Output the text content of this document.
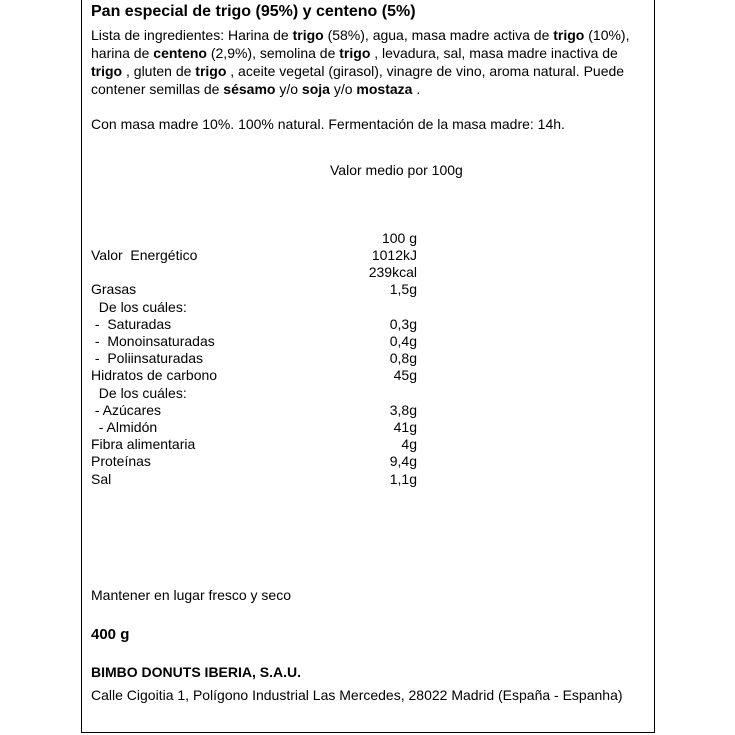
Pan especial de trigo (95%) y centeno (5%)
Lista de ingredientes: Harina de trigo (58%), agua, masa madre activa de trigo (10%), harina de centeno (2,9%), semolina de trigo , levadura, sal, masa madre inactiva de trigo , gluten de trigo , aceite vegetal (girasol), vinagre de vino, aroma natural. Puede contener semillas de sésamo y/o soja y/o mostaza .
Con masa madre 10%. 100% natural. Fermentación de la masa madre: 14h.
Valor medio por 100g
100 g
Valor  Energético	1012kJ
239kcal
Grasas	1,5g
De los cuáles:
-  Saturadas	0,3g
-  Monoinsaturadas	0,4g
-  Poliinsaturadas	0,8g
Hidratos de carbono	45g
De los cuáles:
- Azúcares	3,8g
- Almidón	41g
Fibra alimentaria	4g
Proteínas	9,4g
Sal	1,1g
Mantener en lugar fresco y seco
400 g
BIMBO DONUTS IBERIA, S.A.U.
Calle Cigoitia 1, Polígono Industrial Las Mercedes, 28022 Madrid (España - Espanha)
